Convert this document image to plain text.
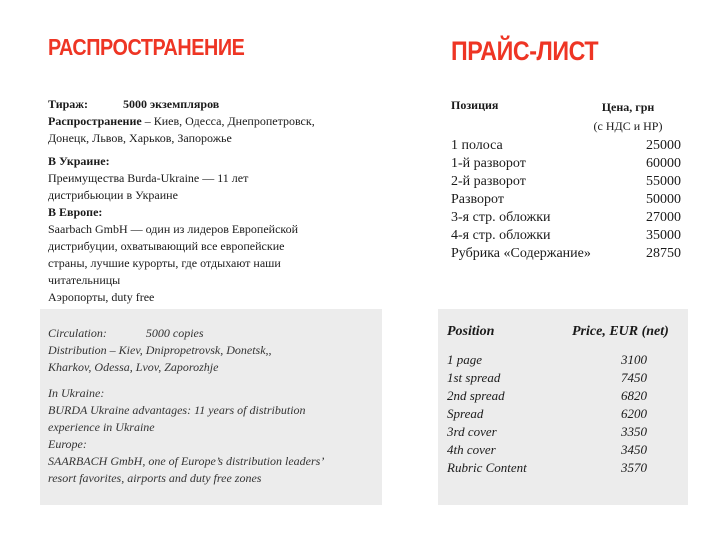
РАСПРОСТРАНЕНИЕ	ПРАЙС-ЛИСТ
Тираж:	5000 экземпляров
Распространение – Киев, Одесса, Днепропетровск,
Донецк, Львов, Харьков, Запорожье
В Украине:
Преимущества Burda-Ukraine — 11 лет
дистрибьюции в Украине
В Европе:
Saarbach GmbH — один из лидеров Европейской
дистрибуции, охватывающий все европейские
страны, лучшие курорты, где отдыхают наши
читательницы
Аэропорты, duty free
Circulation:	5000 copies
Distribution – Kiev, Dnipropetrovsk, Donetsk,,
Kharkov, Odessa, Lvov, Zaporozhje
In Ukraine:
BURDA Ukraine advantages: 11 years of distribution
experience in Ukraine
Europe:
SAARBACH GmbH, one of Europe’s distribution leaders’
resort favorites, airports and duty free zones
Позиция	Цена, грн
(с НДС и НР)
1 полоса	25000
1-й разворот	60000
2-й разворот	55000
Разворот	50000
3-я стр. обложки	27000
4-я стр. обложки	35000
Рубрика «Содержание»	28750
Position	Price, EUR (net)
1 page	3100
1st spread	7450
2nd spread	6820
Spread	6200
3rd cover	3350
4th cover	3450
Rubric Content	3570
